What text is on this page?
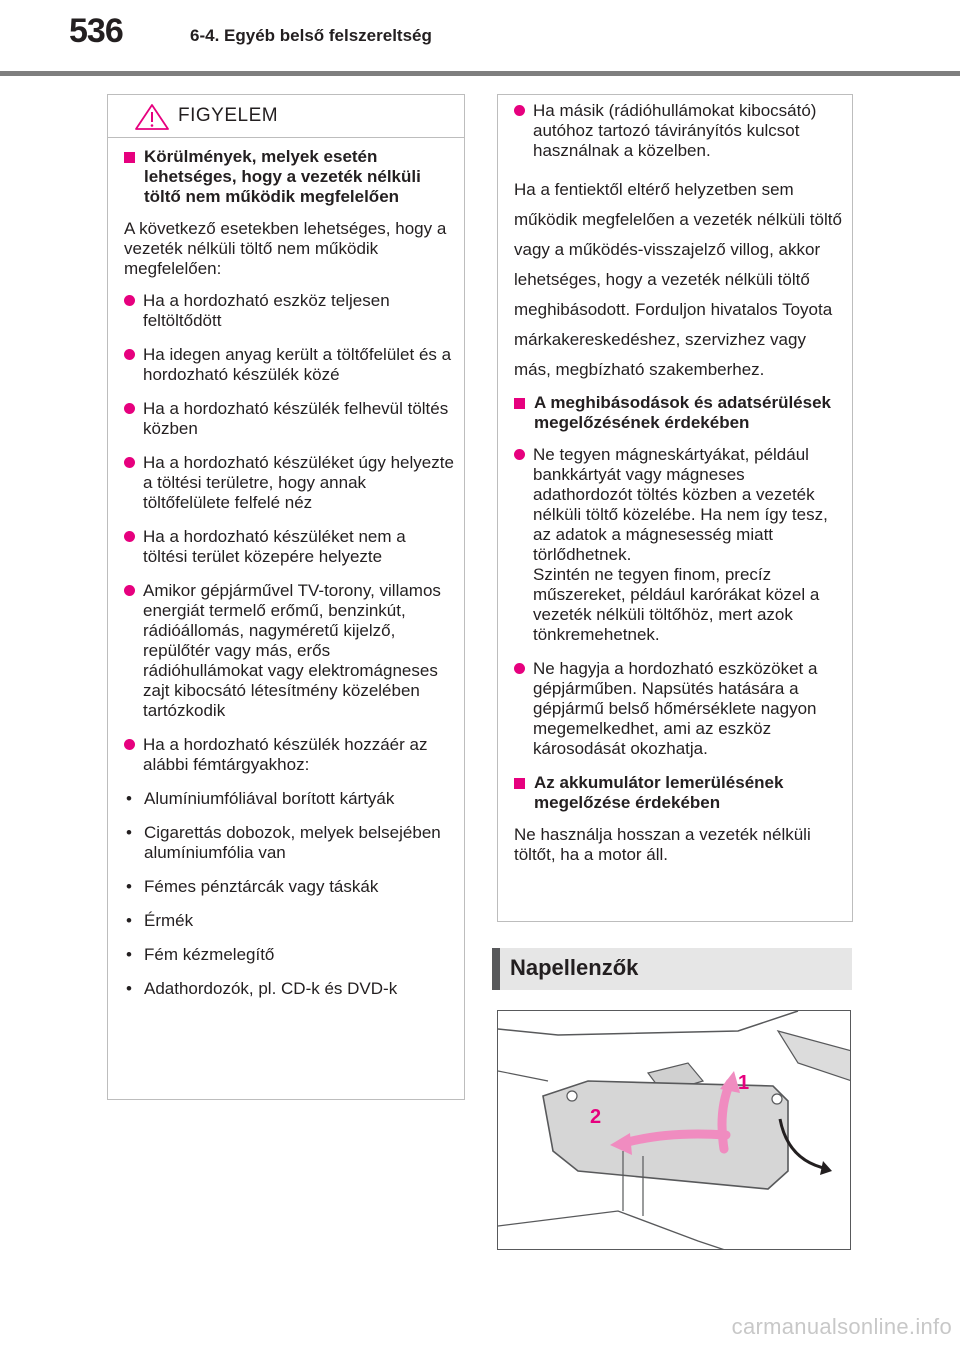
536	6-4. Egyéb belső felszereltség
FIGYELEM
Körülmények, melyek esetén lehetséges, hogy a vezeték nélküli töltő nem működik megfelelően
A következő esetekben lehetséges, hogy a vezeték nélküli töltő nem működik megfelelően:
Ha a hordozható eszköz teljesen feltöltődött
Ha idegen anyag került a töltőfelület és a hordozható készülék közé
Ha a hordozható készülék felhevül töltés közben
Ha a hordozható készüléket úgy helyezte a töltési területre, hogy annak töltőfelülete felfelé néz
Ha a hordozható készüléket nem a töltési terület közepére helyezte
Amikor gépjárművel TV-torony, villamos energiát termelő erőmű, benzinkút, rádióállomás, nagyméretű kijelző, repülőtér vagy más, erős rádióhullámokat vagy elektromágneses zajt kibocsátó létesítmény közelében tartózkodik
Ha a hordozható készülék hozzáér az alábbi fémtárgyakhoz:
• Alumíniumfóliával borított kártyák
• Cigarettás dobozok, melyek belsejében alumíniumfólia van
• Fémes pénztárcák vagy táskák
• Érmék
• Fém kézmelegítő
• Adathordozók, pl. CD-k és DVD-k
Ha másik (rádióhullámokat kibocsátó) autóhoz tartozó távirányítós kulcsot használnak a közelben.
Ha a fentiektől eltérő helyzetben sem működik megfelelően a vezeték nélküli töltő vagy a működés-visszajelző villog, akkor lehetséges, hogy a vezeték nélküli töltő meghibásodott. Forduljon hivatalos Toyota márkakereskedéshez, szervizhez vagy más, megbízható szakemberhez.
A meghibásodások és adatsérülések megelőzésének érdekében
Ne tegyen mágneskártyákat, például bankkártyát vagy mágneses adathordozót töltés közben a vezeték nélküli töltő közelébe. Ha nem így tesz, az adatok a mágnesesség miatt törlődhetnek.
Szintén ne tegyen finom, precíz műszereket, például karórákat közel a vezeték nélküli töltőhöz, mert azok tönkremehetnek.
Ne hagyja a hordozható eszközöket a gépjárműben. Napsütés hatására a gépjármű belső hőmérséklete nagyon megemelkedhet, ami az eszköz károsodását okozhatja.
Az akkumulátor lemerülésének megelőzése érdekében
Ne használja hosszan a vezeték nélküli töltőt, ha a motor áll.
Napellenzők
1
2
carmanualsonline.info
